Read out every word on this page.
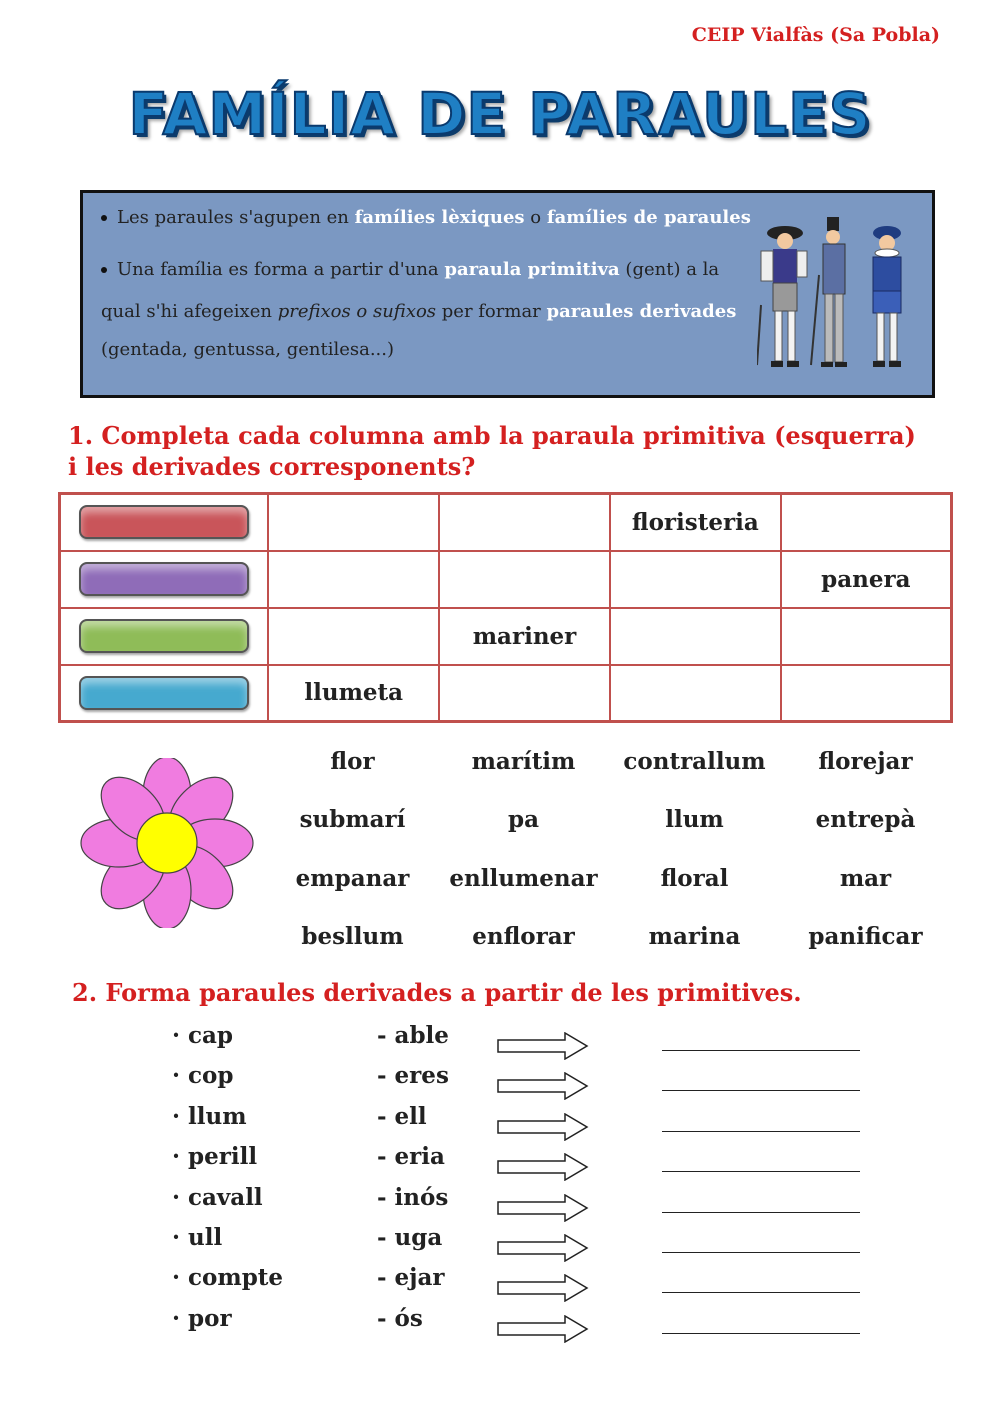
CEIP Vialfàs (Sa Pobla)
FAMÍLIA DE PARAULES
Les paraules s'agupen en famílies lèxiques o famílies de paraules
Una família es forma a partir d'una paraula primitiva (gent) a la
qual s'hi afegeixen prefixos o sufixos per formar paraules derivades
(gentada, gentussa, gentilesa...)
1. Completa cada columna amb la paraula primitiva (esquerra)
i les derivades corresponents?
			floristeria	

				panera

		mariner		

	llumeta			
flor	marítim	contrallum	florejar
submarí	pa	llum	entrepà
empanar	enllumenar	floral	mar
besllum	enflorar	marina	panificar
2. Forma paraules derivades a partir de les primitives.
· cap	- able
· cop	- eres
· llum	- ell
· perill	- eria
· cavall	- inós
· ull	- uga
· compte	- ejar
· por	- ós
